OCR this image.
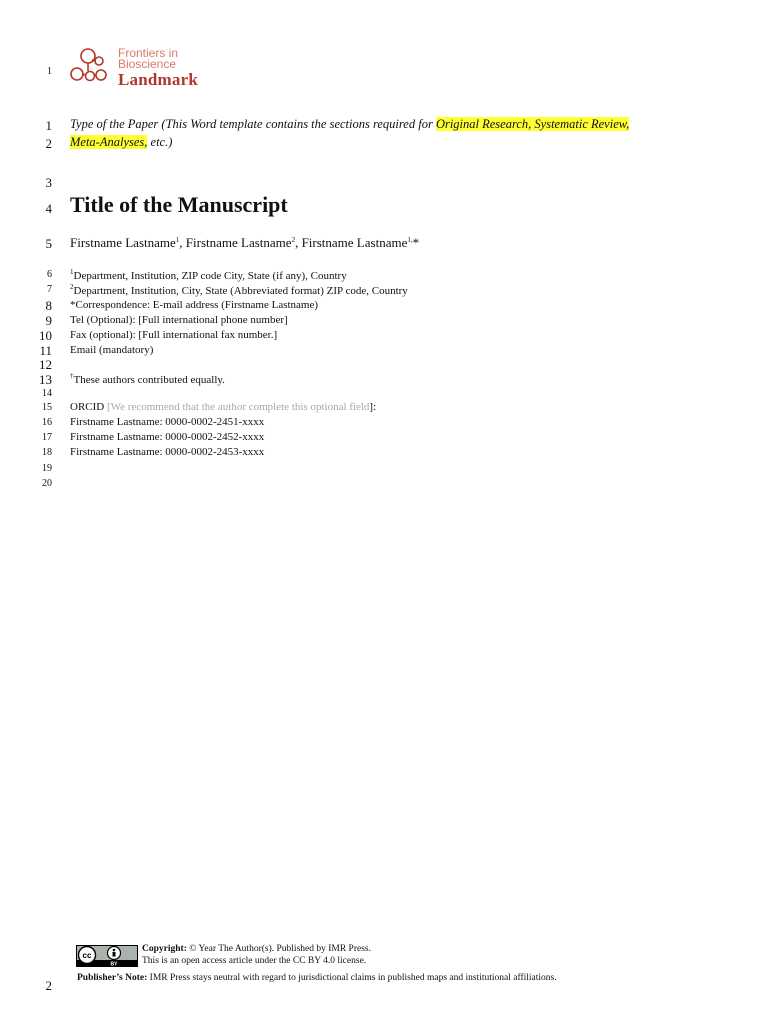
Frontiers in
Bioscience
Landmark
1
1
2
3
4
5
6
7
8
9
10
11
12
13
14
15
16
17
18
19
20
2
Type of the Paper (This Word template contains the sections required for Original Research, Systematic Review,
Meta-Analyses, etc.)
Title of the Manuscript
Firstname Lastname$^1$, Firstname Lastname$^2$, Firstname Lastname$^{1,}$*
$^1$Department, Institution, ZIP code City, State (if any), Country
$^2$Department, Institution, City, State (Abbreviated format) ZIP code, Country
*Correspondence: E-mail address (Firstname Lastname)
Tel (Optional): [Full international phone number]
Fax (optional): [Full international fax number.]
Email (mandatory)
†These authors contributed equally.
ORCID [We recommend that the author complete this optional field]:
Firstname Lastname: 0000-0002-2451-xxxx
Firstname Lastname: 0000-0002-2452-xxxx
Firstname Lastname: 0000-0002-2453-xxxx
cc
BY
Copyright: © Year The Author(s). Published by IMR Press.
This is an open access article under the CC BY 4.0 license.
Publisher’s Note: IMR Press stays neutral with regard to jurisdictional claims in published maps and institutional affiliations.
